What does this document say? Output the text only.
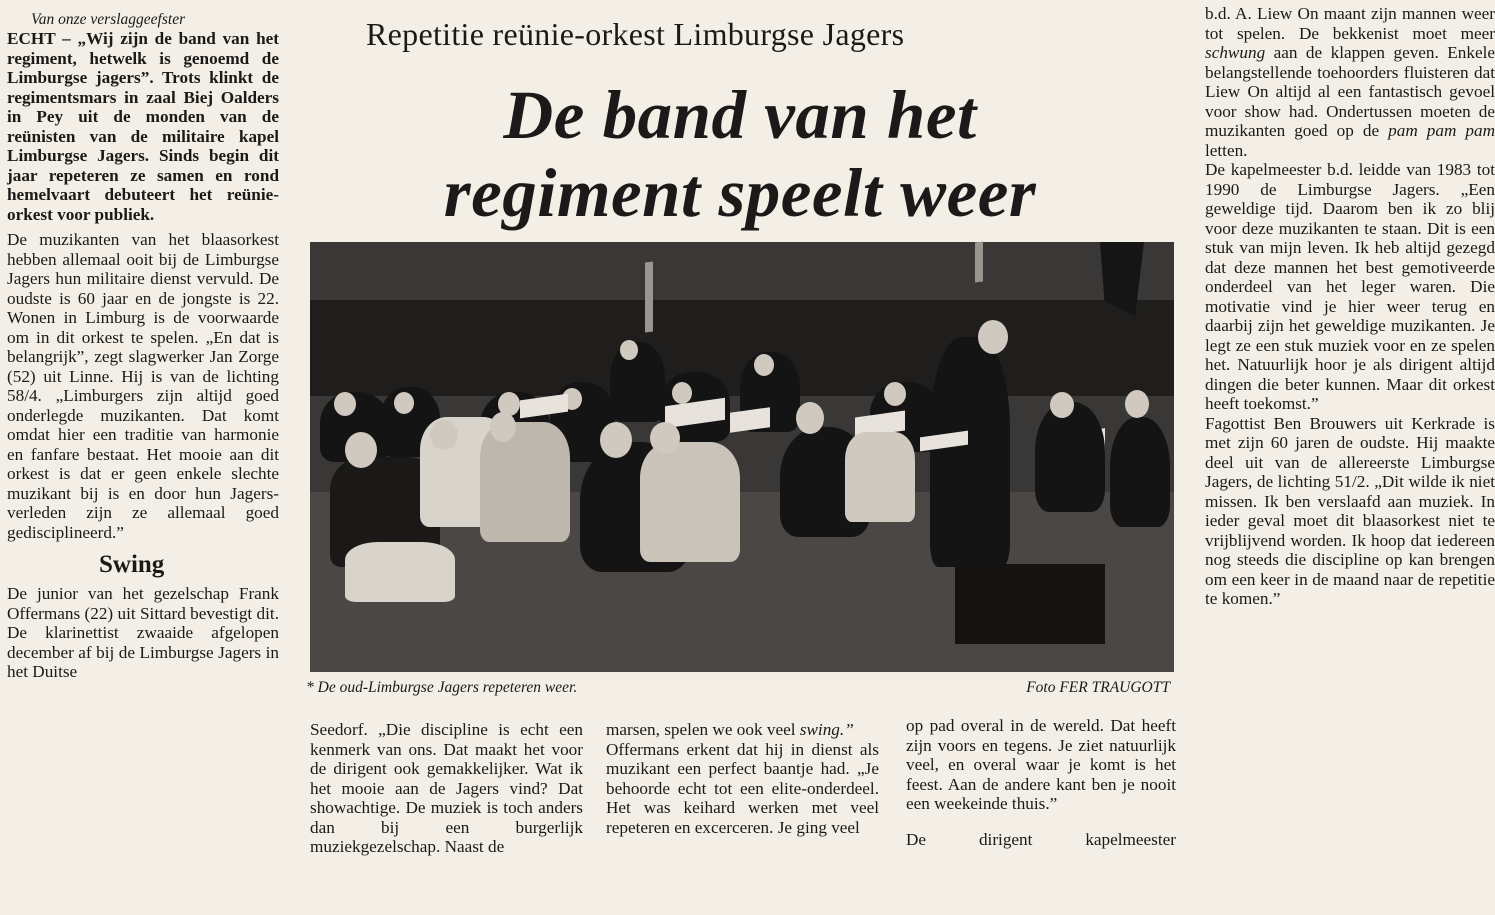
Van onze verslaggeefster

ECHT – „Wij zijn de band van het regiment, hetwelk is genoemd de Limburgse jagers”. Trots klinkt de regimentsmars in zaal Biej Oalders in Pey uit de monden van de reünisten van de militaire kapel Limburgse Jagers. Sinds begin dit jaar repeteren ze samen en rond hemelvaart debuteert het reünie-orkest voor publiek.

De muzikanten van het blaasorkest hebben allemaal ooit bij de Limburgse Jagers hun militaire dienst vervuld. De oudste is 60 jaar en de jongste is 22. Wonen in Limburg is de voorwaarde om in dit orkest te spelen. „En dat is belangrijk”, zegt slagwerker Jan Zorge (52) uit Linne. Hij is van de lichting 58/4. „Limburgers zijn altijd goed onderlegde muzikanten. Dat komt omdat hier een traditie van harmonie en fanfare bestaat. Het mooie aan dit orkest is dat er geen enkele slechte muzikant bij is en door hun Jagers-verleden zijn ze allemaal goed gedisciplineerd.”

Swing

De junior van het gezelschap Frank Offermans (22) uit Sittard bevestigt dit. De klarinettist zwaaide afgelopen december af bij de Limburgse Jagers in het Duitse

Repetitie reünie-orkest Limburgse Jagers
De band van het
regiment speelt weer
* De oud-Limburgse Jagers repeteren weer.	Foto FER TRAUGOTT

Seedorf. „Die discipline is echt een kenmerk van ons. Dat maakt het voor de dirigent ook gemakkelijker. Wat ik het mooie aan de Jagers vind? Dat showachtige. De muziek is toch anders dan bij een burgerlijk muziekgezelschap. Naast de

marsen, spelen we ook veel swing.”

Offermans erkent dat hij in dienst als muzikant een perfect baantje had. „Je behoorde echt tot een elite-onderdeel. Het was keihard werken met veel repeteren en excerceren. Je ging veel

op pad overal in de wereld. Dat heeft zijn voors en tegens. Je ziet natuurlijk veel, en overal waar je komt is het feest. Aan de andere kant ben je nooit een weekeinde thuis.”

De dirigent kapelmeester

b.d. A. Liew On maant zijn mannen weer tot spelen. De bekkenist moet meer schwung aan de klappen geven. Enkele belangstellende toehoorders fluisteren dat Liew On altijd al een fantastisch gevoel voor show had. Ondertussen moeten de muzikanten goed op de pam pam pam letten.

De kapelmeester b.d. leidde van 1983 tot 1990 de Limburgse Jagers. „Een geweldige tijd. Daarom ben ik zo blij voor deze muzikanten te staan. Dit is een stuk van mijn leven. Ik heb altijd gezegd dat deze mannen het best gemotiveerde onderdeel van het leger waren. Die motivatie vind je hier weer terug en daarbij zijn het geweldige muzikanten. Je legt ze een stuk muziek voor en ze spelen het. Natuurlijk hoor je als dirigent altijd dingen die beter kunnen. Maar dit orkest heeft toekomst.”

Fagottist Ben Brouwers uit Kerkrade is met zijn 60 jaren de oudste. Hij maakte deel uit van de allereerste Limburgse Jagers, de lichting 51/2. „Dit wilde ik niet missen. Ik ben verslaafd aan muziek. In ieder geval moet dit blaasorkest niet te vrijblijvend worden. Ik hoop dat iedereen nog steeds die discipline op kan brengen om een keer in de maand naar de repetitie te komen.”
